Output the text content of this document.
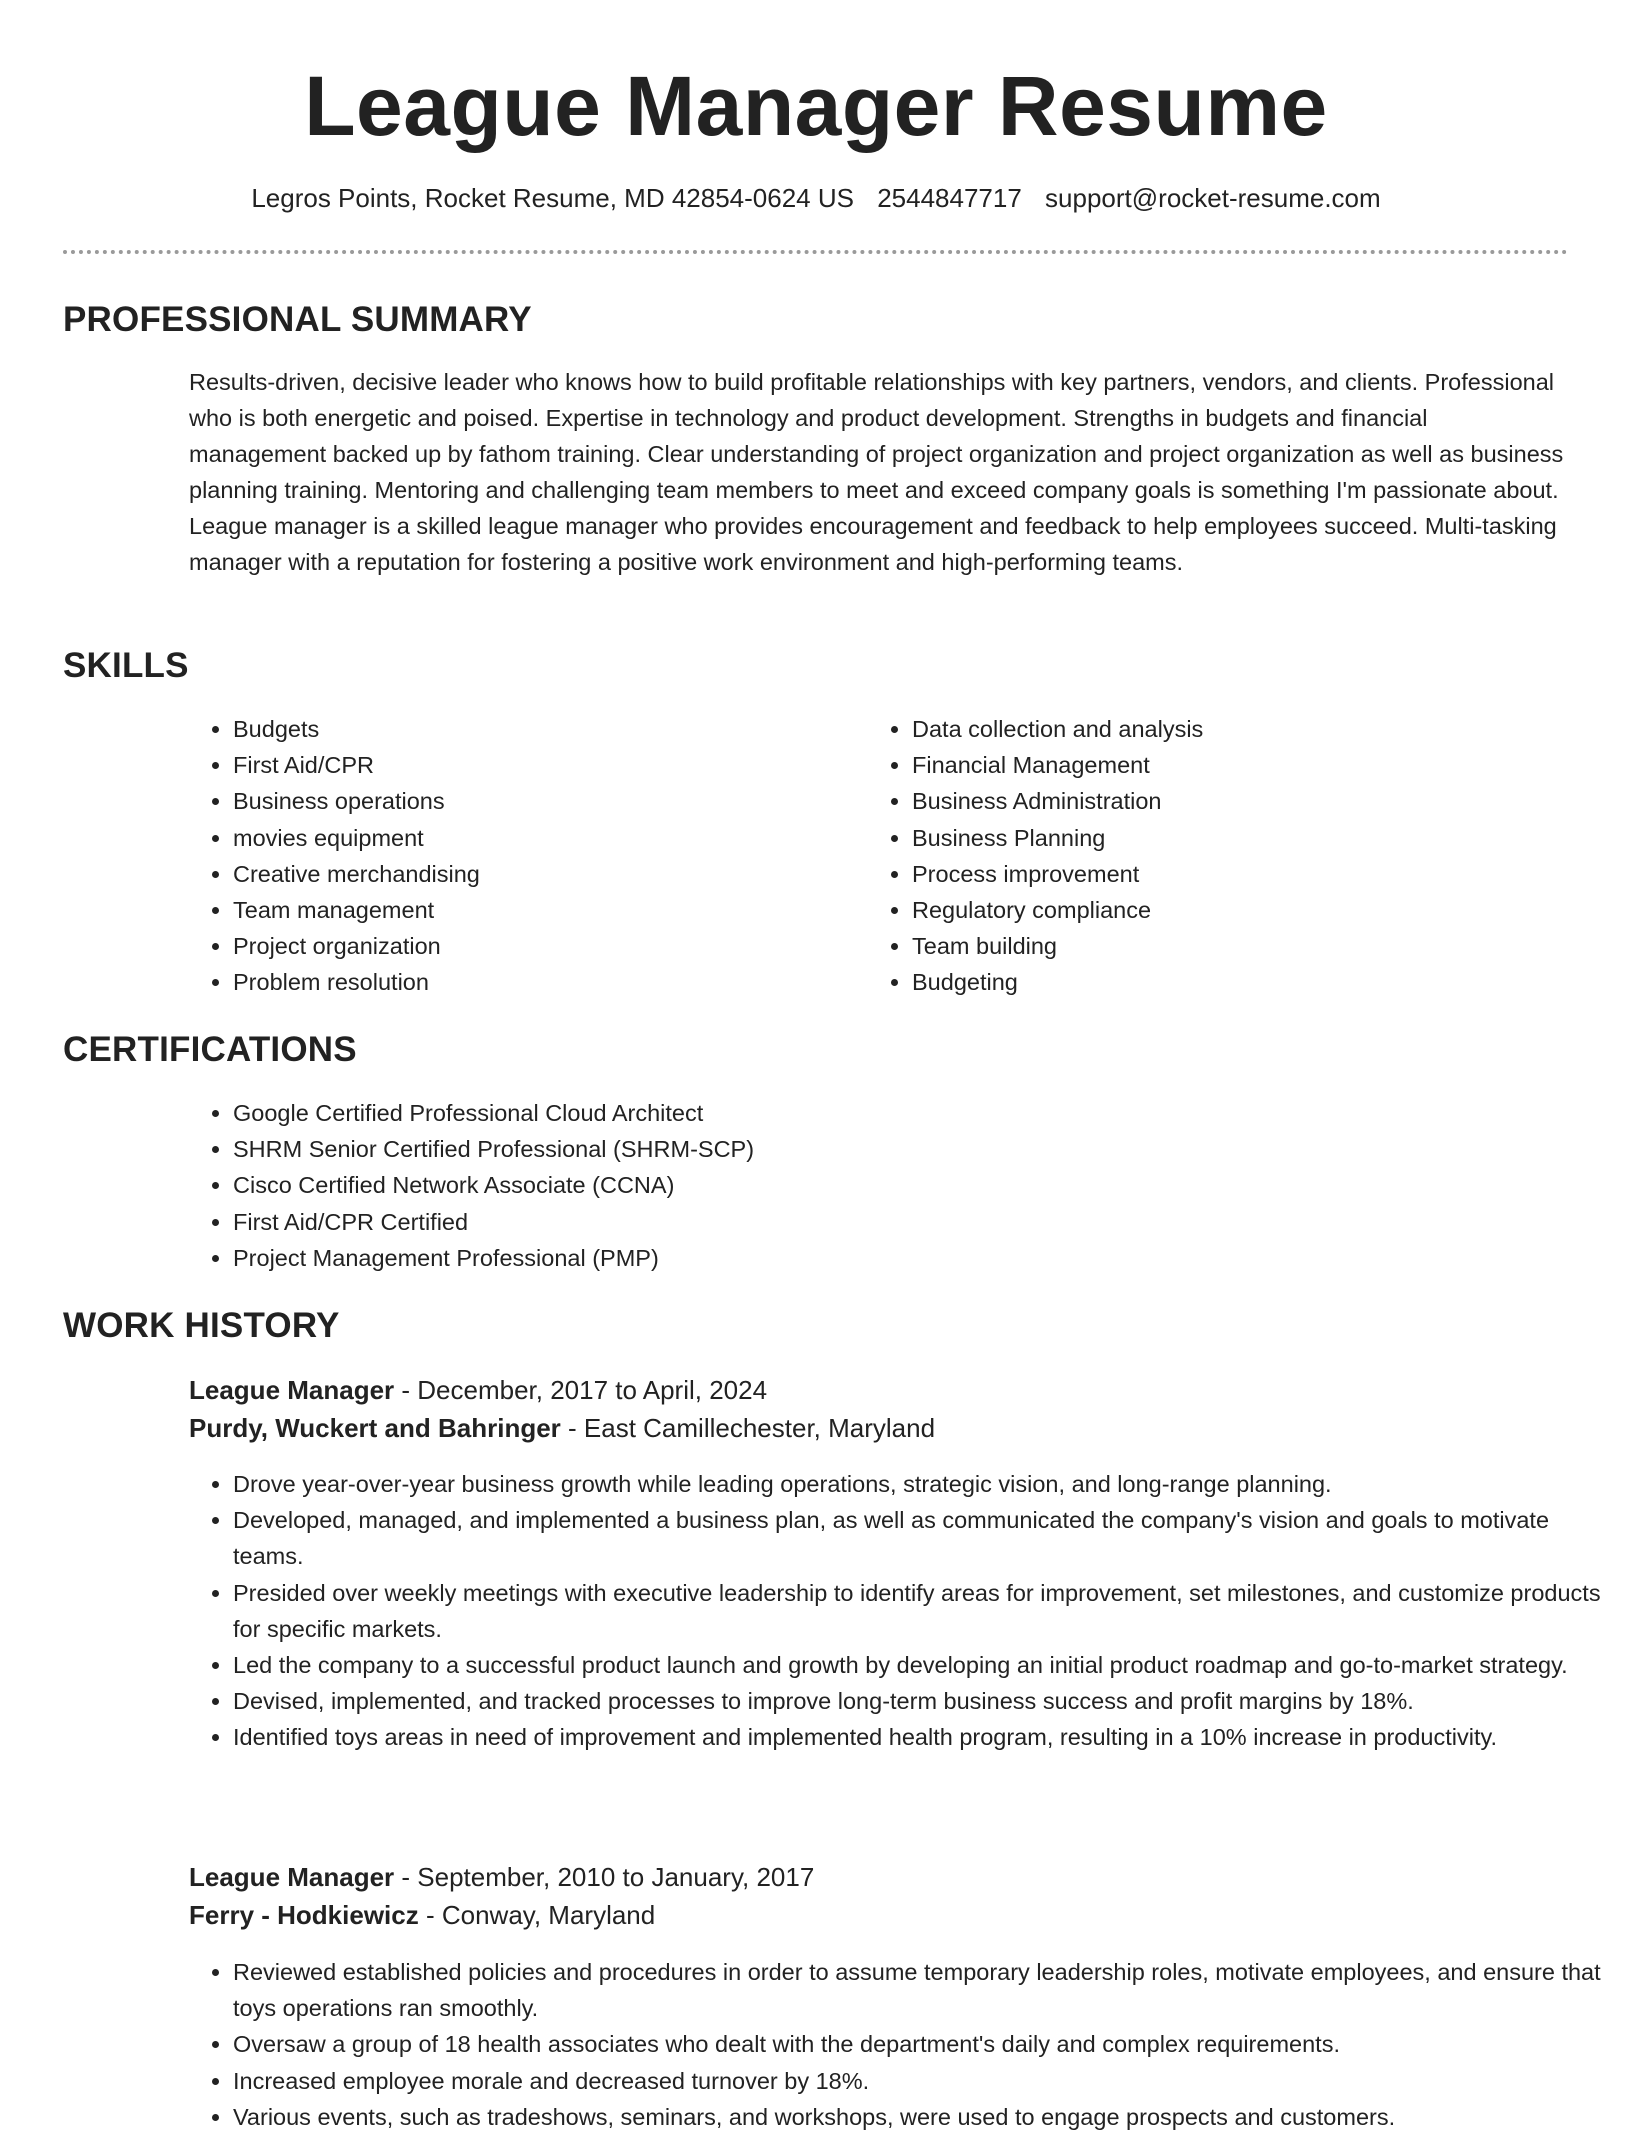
League Manager Resume
Legros Points, Rocket Resume, MD 42854-0624 US 2544847717 support@rocket-resume.com
PROFESSIONAL SUMMARY

Results-driven, decisive leader who knows how to build profitable relationships with key partners, vendors, and clients. Professional who is both energetic and poised. Expertise in technology and product development. Strengths in budgets and financial management backed up by fathom training. Clear understanding of project organization and project organization as well as business planning training. Mentoring and challenging team members to meet and exceed company goals is something I'm passionate about. League manager is a skilled league manager who provides encouragement and feedback to help employees succeed. Multi-tasking manager with a reputation for fostering a positive work environment and high-performing teams.

SKILLS
• Budgets
• First Aid/CPR
• Business operations
• movies equipment
• Creative merchandising
• Team management
• Project organization
• Problem resolution
• Data collection and analysis
• Financial Management
• Business Administration
• Business Planning
• Process improvement
• Regulatory compliance
• Team building
• Budgeting
CERTIFICATIONS
• Google Certified Professional Cloud Architect
• SHRM Senior Certified Professional (SHRM-SCP)
• Cisco Certified Network Associate (CCNA)
• First Aid/CPR Certified
• Project Management Professional (PMP)
WORK HISTORY
League Manager - December, 2017 to April, 2024
Purdy, Wuckert and Bahringer - East Camillechester, Maryland
• Drove year-over-year business growth while leading operations, strategic vision, and long-range planning.
• Developed, managed, and implemented a business plan, as well as communicated the company's vision and goals to motivate teams.
• Presided over weekly meetings with executive leadership to identify areas for improvement, set milestones, and customize products for specific markets.
• Led the company to a successful product launch and growth by developing an initial product roadmap and go-to-market strategy.
• Devised, implemented, and tracked processes to improve long-term business success and profit margins by 18%.
• Identified toys areas in need of improvement and implemented health program, resulting in a 10% increase in productivity.
League Manager - September, 2010 to January, 2017
Ferry - Hodkiewicz - Conway, Maryland
• Reviewed established policies and procedures in order to assume temporary leadership roles, motivate employees, and ensure that toys operations ran smoothly.
• Oversaw a group of 18 health associates who dealt with the department's daily and complex requirements.
• Increased employee morale and decreased turnover by 18%.
• Various events, such as tradeshows, seminars, and workshops, were used to engage prospects and customers.
